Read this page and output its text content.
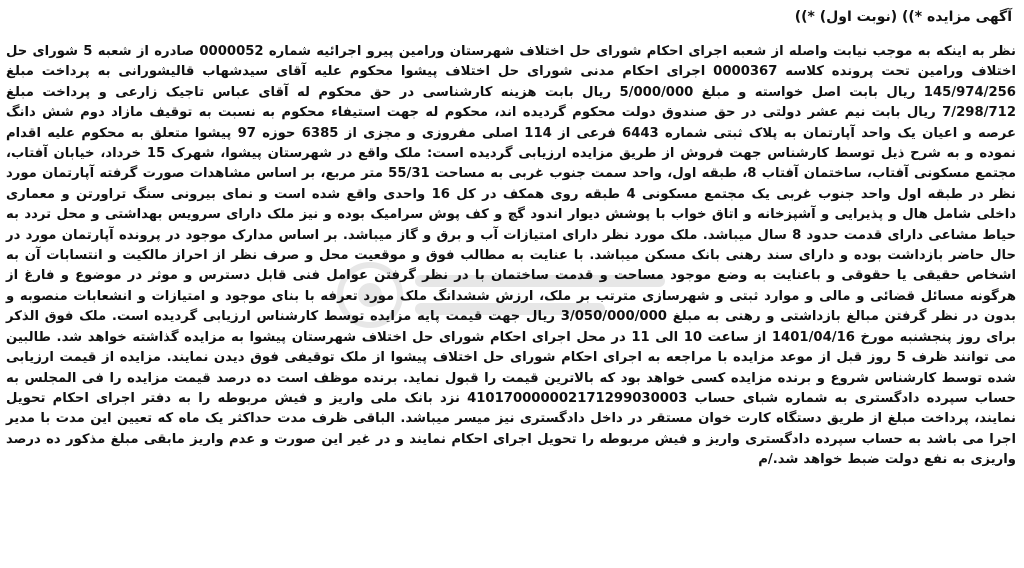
آگهی مزایده *)) (نوبت اول) *))

نظر به اینکه به موجب نیابت واصله از شعبه اجرای احکام شورای حل اختلاف شهرستان ورامین پیرو اجرائیه شماره 0000052 صادره از شعبه 5 شورای حل اختلاف ورامین تحت پرونده کلاسه 0000367 اجرای احکام مدنی شورای حل اختلاف پیشوا محکوم علیه آقای سیدشهاب قالیشورانی به پرداخت مبلغ 145/974/256 ریال بابت اصل خواسته و مبلغ 5/000/000 ریال بابت هزینه کارشناسی در حق محکوم له آقای عباس تاجیک زارعی و پرداخت مبلغ 7/298/712 ریال بابت نیم عشر دولتی در حق صندوق دولت محکوم گردیده اند، محکوم له جهت استیفاء محکوم به نسبت به توقیف مازاد دوم شش دانگ عرصه و اعیان یک واحد آپارتمان به پلاک ثبتی شماره 6443 فرعی از 114 اصلی مفروزی و مجزی از 6385 حوزه 97 پیشوا متعلق به محکوم علیه اقدام نموده و به شرح ذیل توسط کارشناس جهت فروش از طریق مزایده ارزیابی گردیده است: ملک واقع در شهرستان پیشوا، شهرک 15 خرداد، خیابان آفتاب، مجتمع مسکونی آفتاب، ساختمان آفتاب 8، طبقه اول، واحد سمت جنوب غربی به مساحت 55/31 متر مربع، بر اساس مشاهدات صورت گرفته آپارتمان مورد نظر در طبقه اول واحد جنوب غربی یک مجتمع مسکونی 4 طبقه روی همکف در کل 16 واحدی واقع شده است و نمای بیرونی سنگ تراورتن و معماری داخلی شامل هال و پذیرایی و آشپزخانه و اتاق خواب با پوشش دیوار اندود گچ و کف پوش سرامیک بوده و نیز ملک دارای سرویس بهداشتی و محل تردد به حیاط مشاعی دارای قدمت حدود 8 سال میباشد. ملک مورد نظر دارای امتیازات آب و برق و گاز میباشد. بر اساس مدارک موجود در پرونده آپارتمان مورد در حال حاضر بازداشت بوده و دارای سند رهنی بانک مسکن میباشد. با عنایت به مطالب فوق و موقعیت محل و صرف نظر از احراز مالکیت و انتسابات آن به اشخاص حقیقی یا حقوقی و باعنایت به وضع موجود مساحت و قدمت ساختمان با در نظر گرفتن عوامل فنی قابل دسترس و موثر در موضوع و فارغ از هرگونه مسائل قضائی و مالی و موارد ثبتی و شهرسازی مترتب بر ملک، ارزش ششدانگ ملک مورد تعرفه با بنای موجود و امتیازات و انشعابات منصوبه و بدون در نظر گرفتن مبالغ بازداشتی و رهنی به مبلغ 3/050/000/000 ریال جهت قیمت پایه مزایده توسط کارشناس ارزیابی گردیده است. ملک فوق الذکر برای روز پنجشنبه مورخ 1401/04/16 از ساعت 10 الی 11 در محل اجرای احکام شورای حل اختلاف شهرستان پیشوا به مزایده گذاشته خواهد شد. طالبین می توانند ظرف 5 روز قبل از موعد مزایده با مراجعه به اجرای احکام شورای حل اختلاف پیشوا از ملک توقیفی فوق دیدن نمایند. مزایده از قیمت ارزیابی شده توسط کارشناس شروع و برنده مزایده کسی خواهد بود که بالاترین قیمت را قبول نماید. برنده موظف است ده درصد قیمت مزایده را فی المجلس به حساب سپرده دادگستری به شماره شبای حساب 410170000002171299030003 نزد بانک ملی واریز و فیش مربوطه را به دفتر اجرای احکام تحویل نمایند، پرداخت مبلغ از طریق دستگاه کارت خوان مستقر در داخل دادگستری نیز میسر میباشد. الباقی ظرف مدت حداکثر یک ماه که تعیین این مدت با مدیر اجرا می باشد به حساب سپرده دادگستری واریز و فیش مربوطه را تحویل اجرای احکام نمایند و در غیر این صورت و عدم واریز مابقی مبلغ مذکور ده درصد واریزی به نفع دولت ضبط خواهد شد./م
